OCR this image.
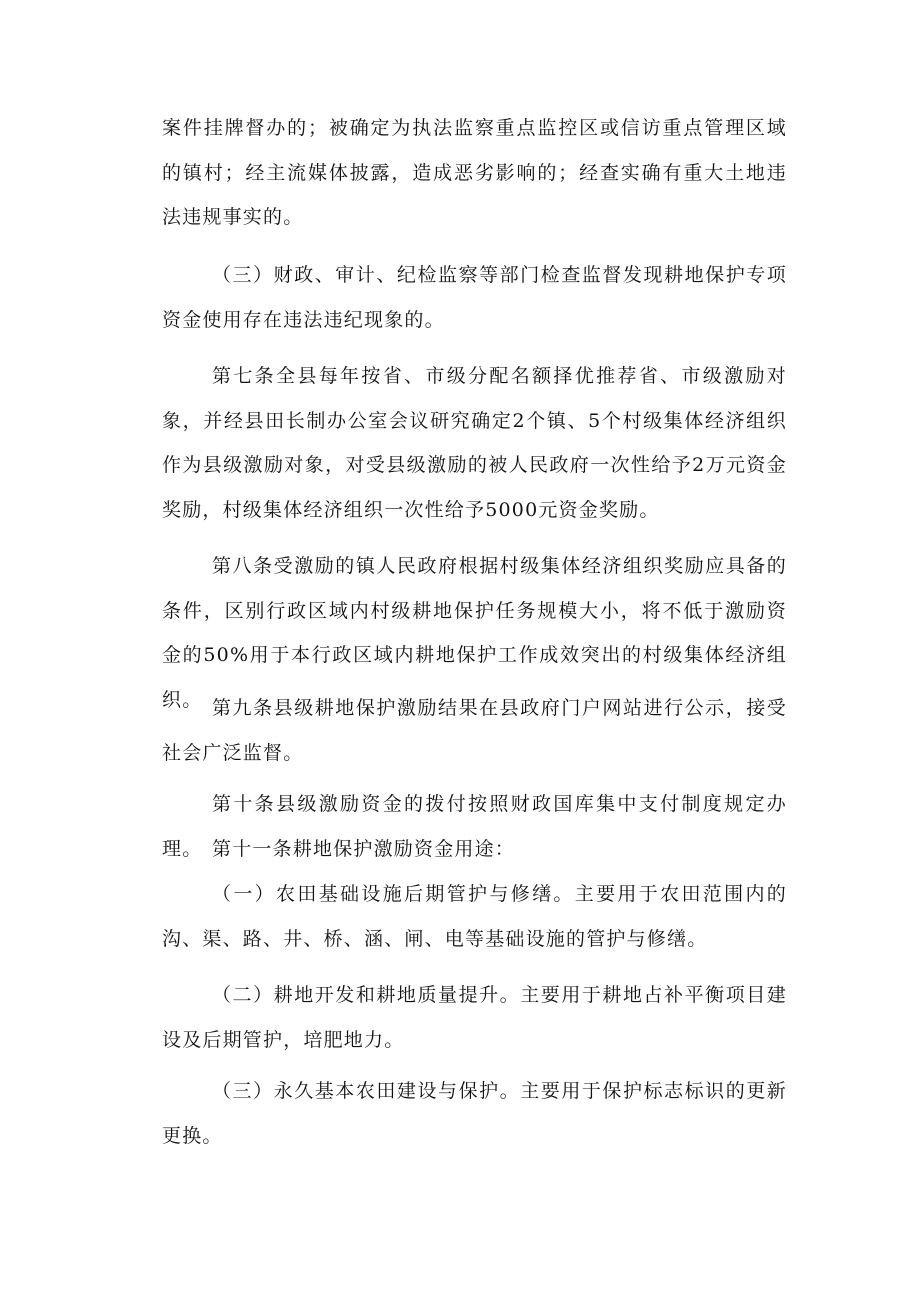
案件挂牌督办的；被确定为执法监察重点监控区或信访重点管理区域的镇村；经主流媒体披露，造成恶劣影响的；经查实确有重大土地违法违规事实的。

（三）财政、审计、纪检监察等部门检查监督发现耕地保护专项资金使用存在违法违纪现象的。

第七条全县每年按省、市级分配名额择优推荐省、市级激励对象，并经县田长制办公室会议研究确定2个镇、5个村级集体经济组织作为县级激励对象，对受县级激励的被人民政府一次性给予2万元资金奖励，村级集体经济组织一次性给予5000元资金奖励。

第八条受激励的镇人民政府根据村级集体经济组织奖励应具备的条件，区别行政区域内村级耕地保护任务规模大小，将不低于激励资金的50%用于本行政区域内耕地保护工作成效突出的村级集体经济组织。 第九条县级耕地保护激励结果在县政府门户网站进行公示，接受社会广泛监督。

第十条县级激励资金的拨付按照财政国库集中支付制度规定办理。 第十一条耕地保护激励资金用途：

（一）农田基础设施后期管护与修缮。主要用于农田范围内的沟、渠、路、井、桥、涵、闸、电等基础设施的管护与修缮。

（二）耕地开发和耕地质量提升。主要用于耕地占补平衡项目建设及后期管护，培肥地力。

（三）永久基本农田建设与保护。主要用于保护标志标识的更新更换。
